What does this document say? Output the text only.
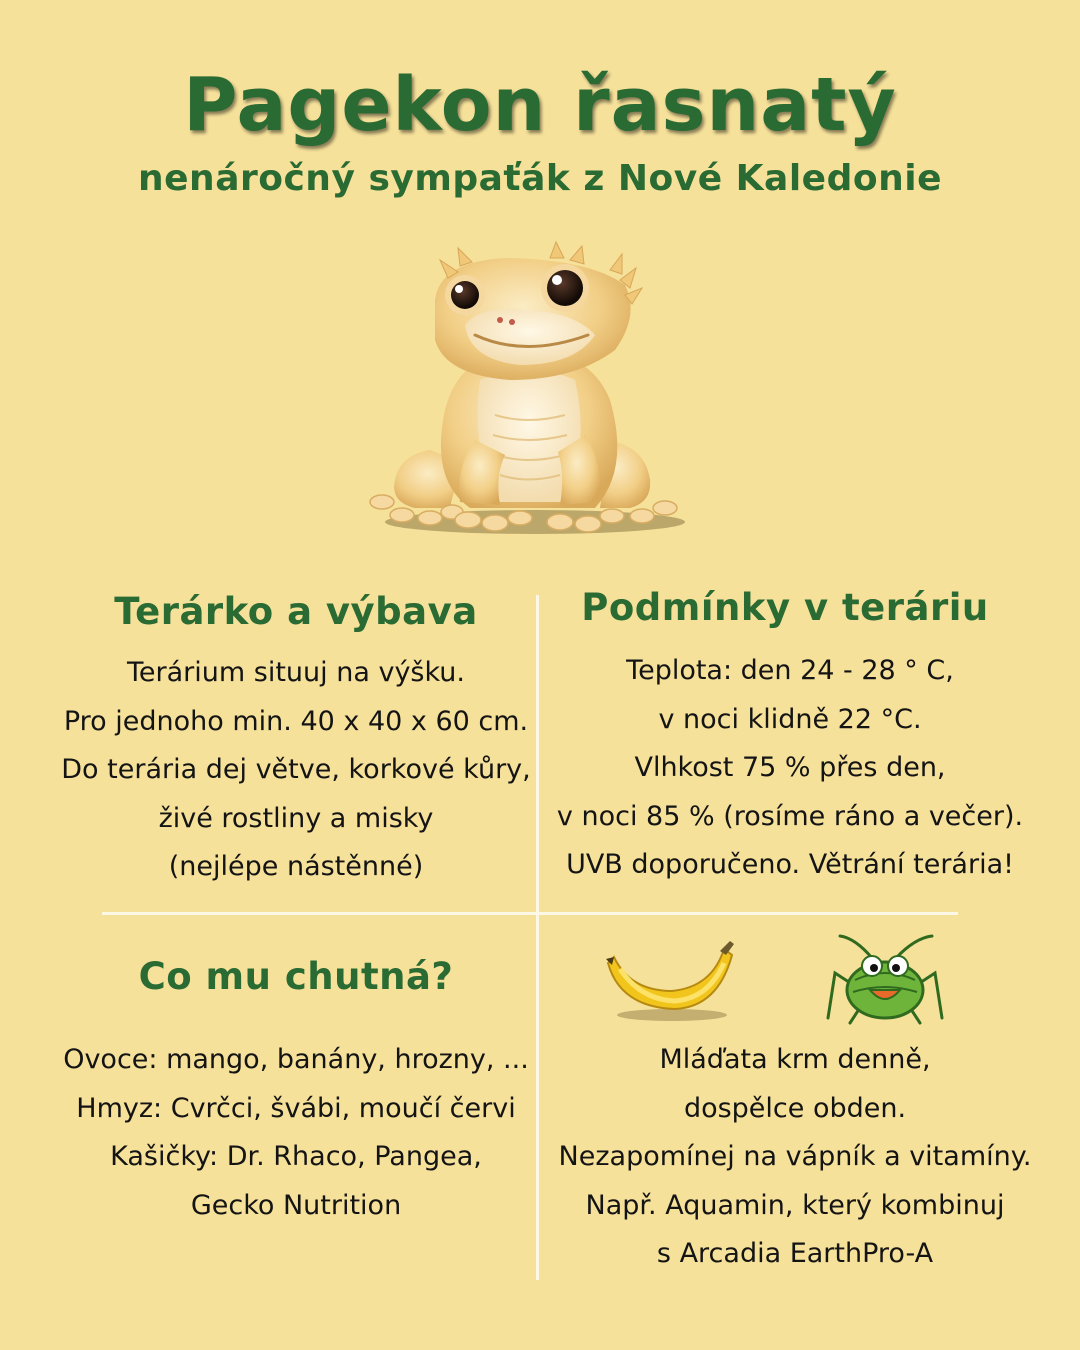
Pagekon řasnatý
nenáročný sympaťák z Nové Kaledonie
Terárko a výbava
Terárium situuj na výšku.
Pro jednoho min. 40 x 40 x 60 cm.
Do terária dej větve, korkové kůry,
živé rostliny a misky
(nejlépe nástěnné)
Podmínky v teráriu
Teplota: den 24 - 28 ° C,
v noci klidně 22 °C.
Vlhkost 75 % přes den,
v noci 85 % (rosíme ráno a večer).
UVB doporučeno. Větrání terária!
Co mu chutná?
Ovoce: mango, banány, hrozny, ...
Hmyz: Cvrčci, švábi, moučí červi
Kašičky: Dr. Rhaco, Pangea,
Gecko Nutrition
Mláďata krm denně,
dospělce obden.
Nezapomínej na vápník a vitamíny.
Např. Aquamin, který kombinuj
s Arcadia EarthPro-A
